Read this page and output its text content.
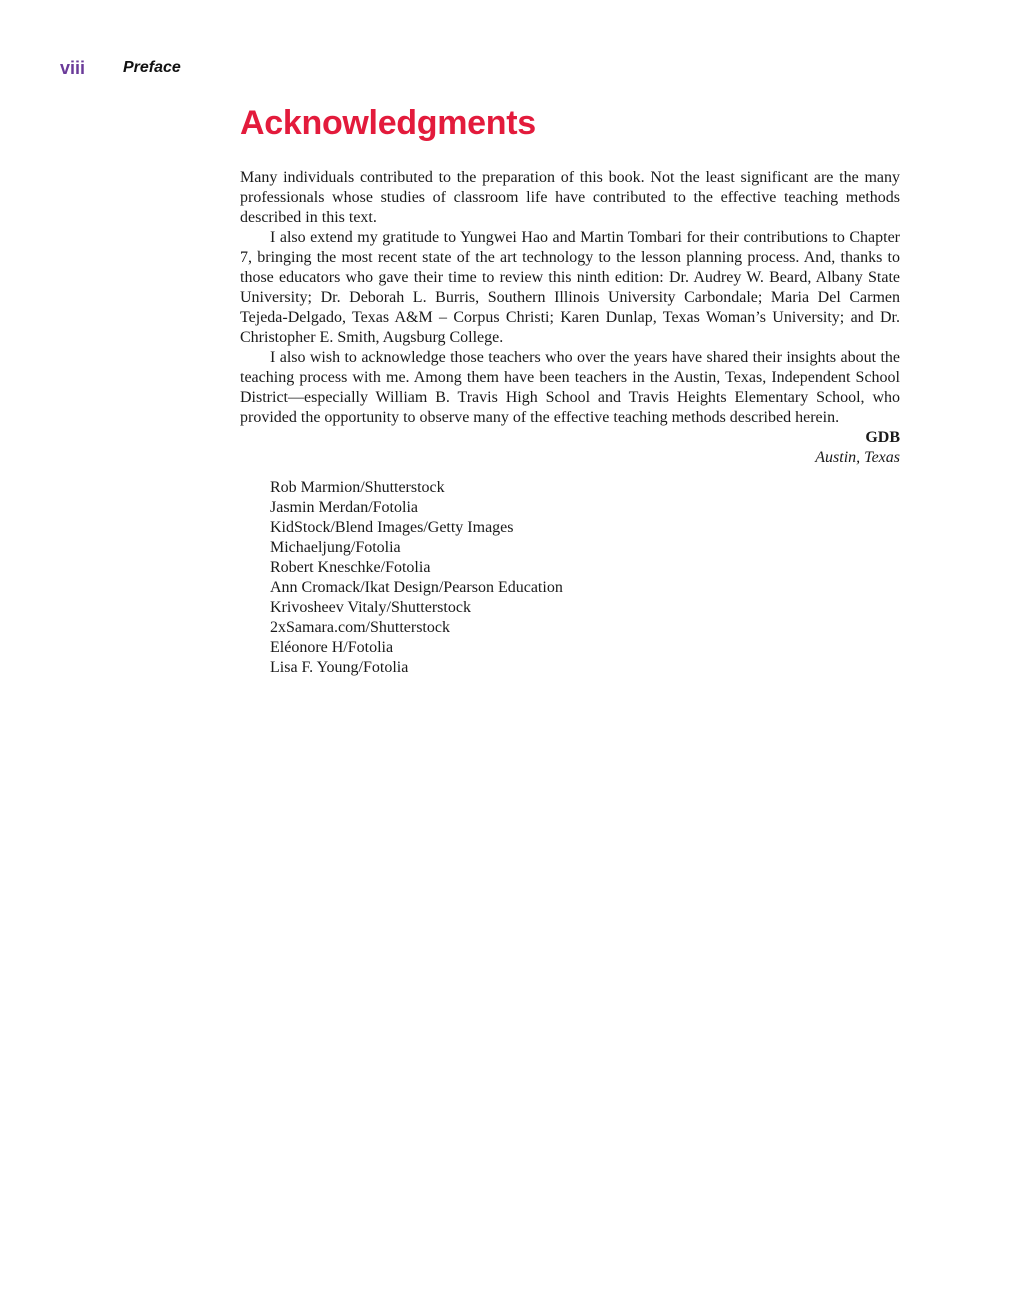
viii	Preface
Acknowledgments

Many individuals contributed to the preparation of this book. Not the least significant are the many professionals whose studies of classroom life have contributed to the effective teaching methods described in this text.

I also extend my gratitude to Yungwei Hao and Martin Tombari for their contributions to Chapter 7, bringing the most recent state of the art technology to the lesson planning process. And, thanks to those educators who gave their time to review this ninth edition: Dr. Audrey W. Beard, Albany State University; Dr. Deborah L. Burris, Southern Illinois University Carbondale; Maria Del Carmen Tejeda-Delgado, Texas A&M – Corpus Christi; Karen Dunlap, Texas Woman’s University; and Dr. Christopher E. Smith, Augsburg College.

I also wish to acknowledge those teachers who over the years have shared their insights about the teaching process with me. Among them have been teachers in the Austin, Texas, Independent School District—especially William B. Travis High School and Travis Heights Elementary School, who provided the opportunity to observe many of the effective teaching methods described herein.

GDB
Austin, Texas
Rob Marmion/Shutterstock
Jasmin Merdan/Fotolia
KidStock/Blend Images/Getty Images
Michaeljung/Fotolia
Robert Kneschke/Fotolia
Ann Cromack/Ikat Design/Pearson Education
Krivosheev Vitaly/Shutterstock
2xSamara.com/Shutterstock
Eléonore H/Fotolia
Lisa F. Young/Fotolia
